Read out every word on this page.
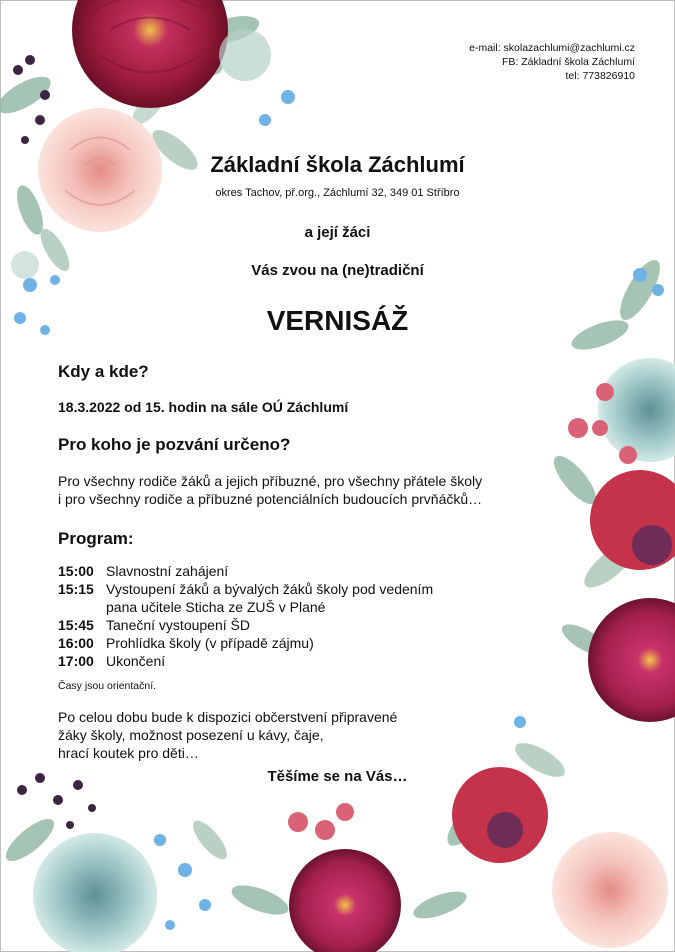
e-mail: skolazachlumi@zachlumi.cz
FB: Základní škola Záchlumí
tel: 773826910
Základní škola Záchlumí
okres Tachov, př.org., Záchlumí 32, 349 01 Stříbro
a její žáci
Vás zvou na (ne)tradiční
VERNISÁŽ
Kdy a kde?
18.3.2022 od 15. hodin na sále OÚ Záchlumí
Pro koho je pozvání určeno?
Pro všechny rodiče žáků a jejich příbuzné, pro všechny přátele školy
i pro všechny rodiče a příbuzné potenciálních budoucích prvňáčků…
Program:
15:00 Slavnostní zahájení
15:15 Vystoupení žáků a bývalých žáků školy pod vedením
pana učitele Sticha ze ZUŠ v Plané
15:45 Taneční vystoupení ŠD
16:00 Prohlídka školy (v případě zájmu)
17:00 Ukončení
Časy jsou orientační.
Po celou dobu bude k dispozici občerstvení připravené
žáky školy, možnost posezení u kávy, čaje,
hrací koutek pro děti…
Těšíme se na Vás…
